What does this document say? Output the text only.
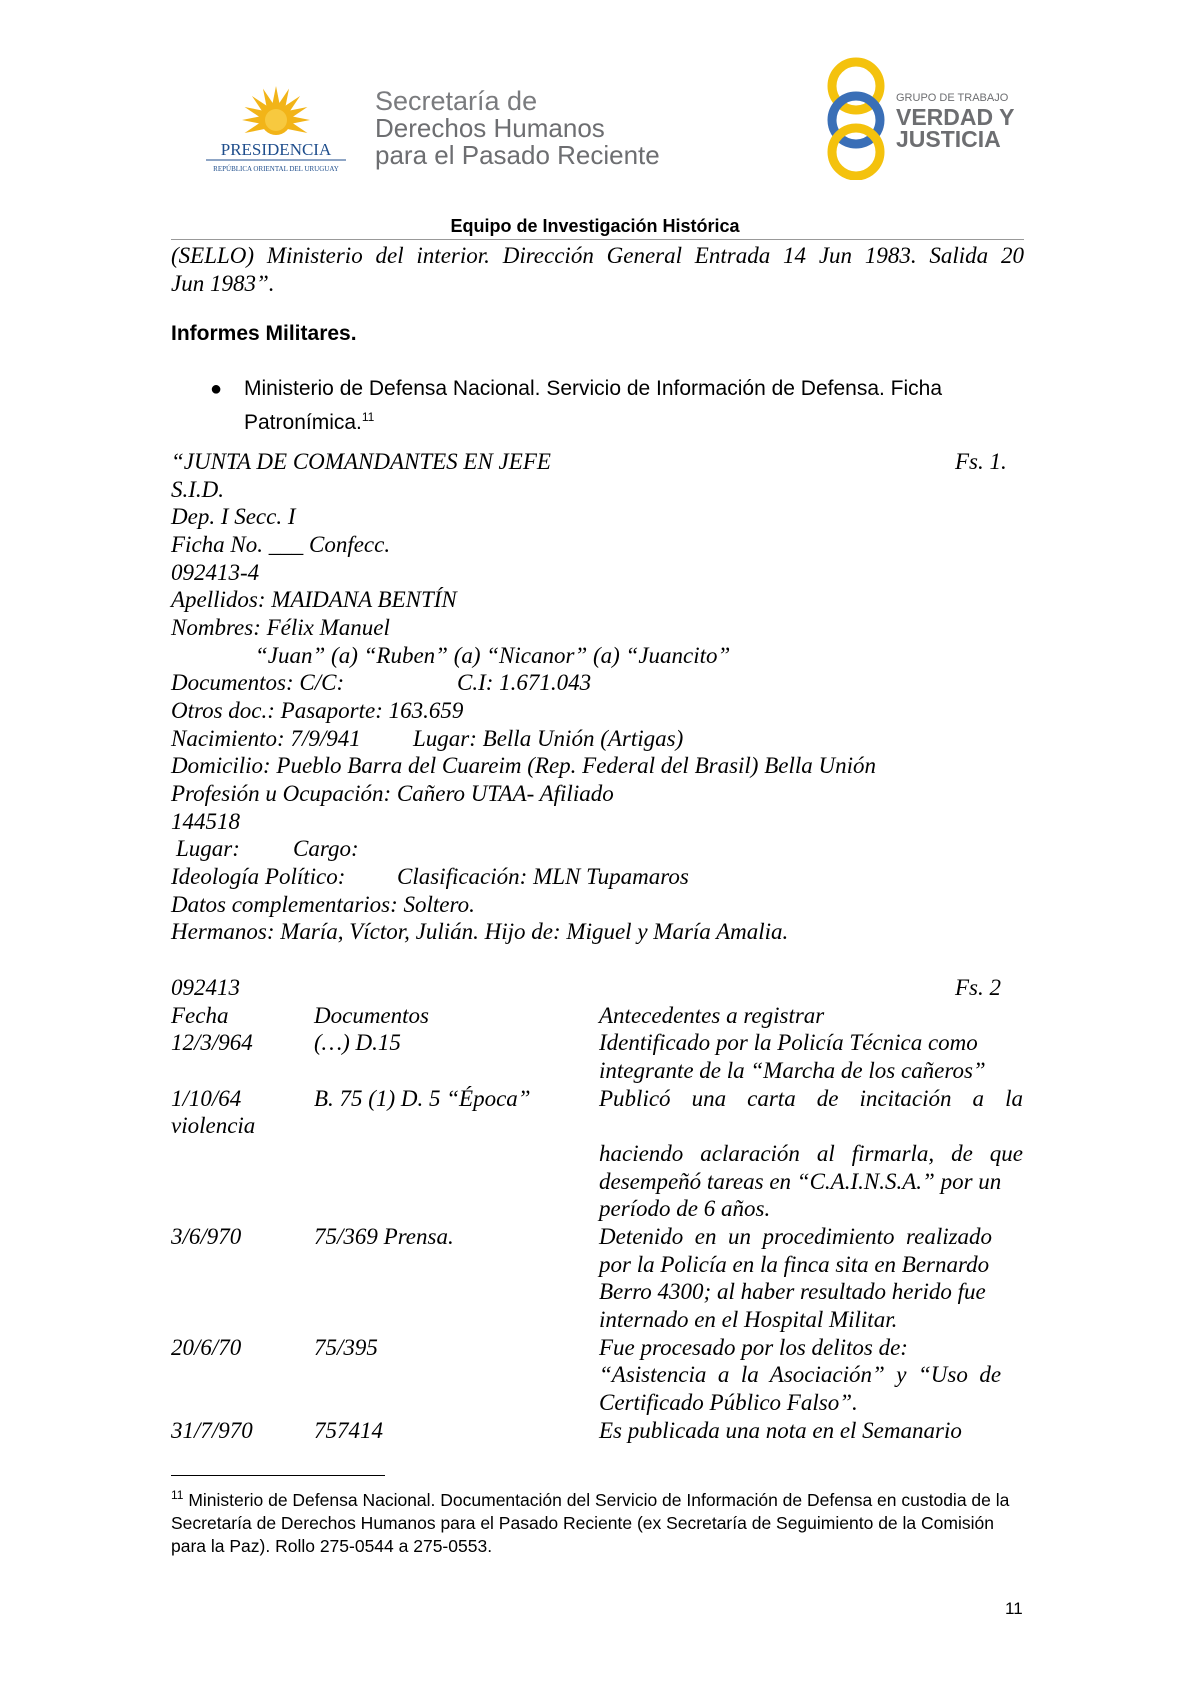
PRESIDENCIA
REPÚBLICA ORIENTAL DEL URUGUAY
Secretaría de
Derechos Humanos
para el Pasado Reciente
GRUPO DE TRABAJO
VERDAD Y
JUSTICIA
Equipo de Investigación Histórica
(SELLO) Ministerio del interior. Dirección General Entrada 14 Jun 1983. Salida 20
Jun 1983”.
Informes Militares.
● Ministerio de Defensa Nacional. Servicio de Información de Defensa. Ficha Patronímica.$^{11}$
“JUNTA DE COMANDANTES EN JEFE	Fs. 1.
S.I.D.
Dep. I Secc. I
Ficha No. ___ Confecc.
092413-4
Apellidos: MAIDANA BENTÍN
Nombres: Félix Manuel
“Juan” (a) “Ruben” (a) “Nicanor” (a) “Juancito”
Documentos: C/C:	C.I: 1.671.043
Otros doc.: Pasaporte: 163.659
Nacimiento: 7/9/941 Lugar: Bella Unión (Artigas)
Domicilio: Pueblo Barra del Cuareim (Rep. Federal del Brasil) Bella Unión
Profesión u Ocupación: Cañero UTAA- Afiliado
144518
Lugar: Cargo:
Ideología Político: Clasificación: MLN Tupamaros
Datos complementarios: Soltero.
Hermanos: María, Víctor, Julián. Hijo de: Miguel y María Amalia.
092413	Fs. 2
Fecha	Documentos	Antecedentes a registrar
12/3/964	(…) D.15	Identificado por la Policía Técnica como
integrante de la “Marcha de los cañeros”
1/10/64	B. 75 (1) D. 5 “Época”	Publicó  una  carta  de  incitación  a  la
violencia
haciendo  aclaración  al  firmarla,  de  que
desempeñó tareas en “C.A.I.N.S.A.” por un
período de 6 años.
3/6/970	75/369 Prensa.	Detenido  en  un  procedimiento  realizado
por la Policía en la finca sita en Bernardo
Berro 4300; al haber resultado herido fue
internado en el Hospital Militar.
20/6/70	75/395	Fue procesado por los delitos de:
“Asistencia  a  la  Asociación”  y  “Uso  de
Certificado Público Falso”.
31/7/970	757414	Es publicada una nota en el Semanario
$^{11}$ Ministerio de Defensa Nacional. Documentación del Servicio de Información de Defensa en custodia de la Secretaría de Derechos Humanos para el Pasado Reciente (ex Secretaría de Seguimiento de la Comisión para la Paz). Rollo 275-0544 a 275-0553.
11
